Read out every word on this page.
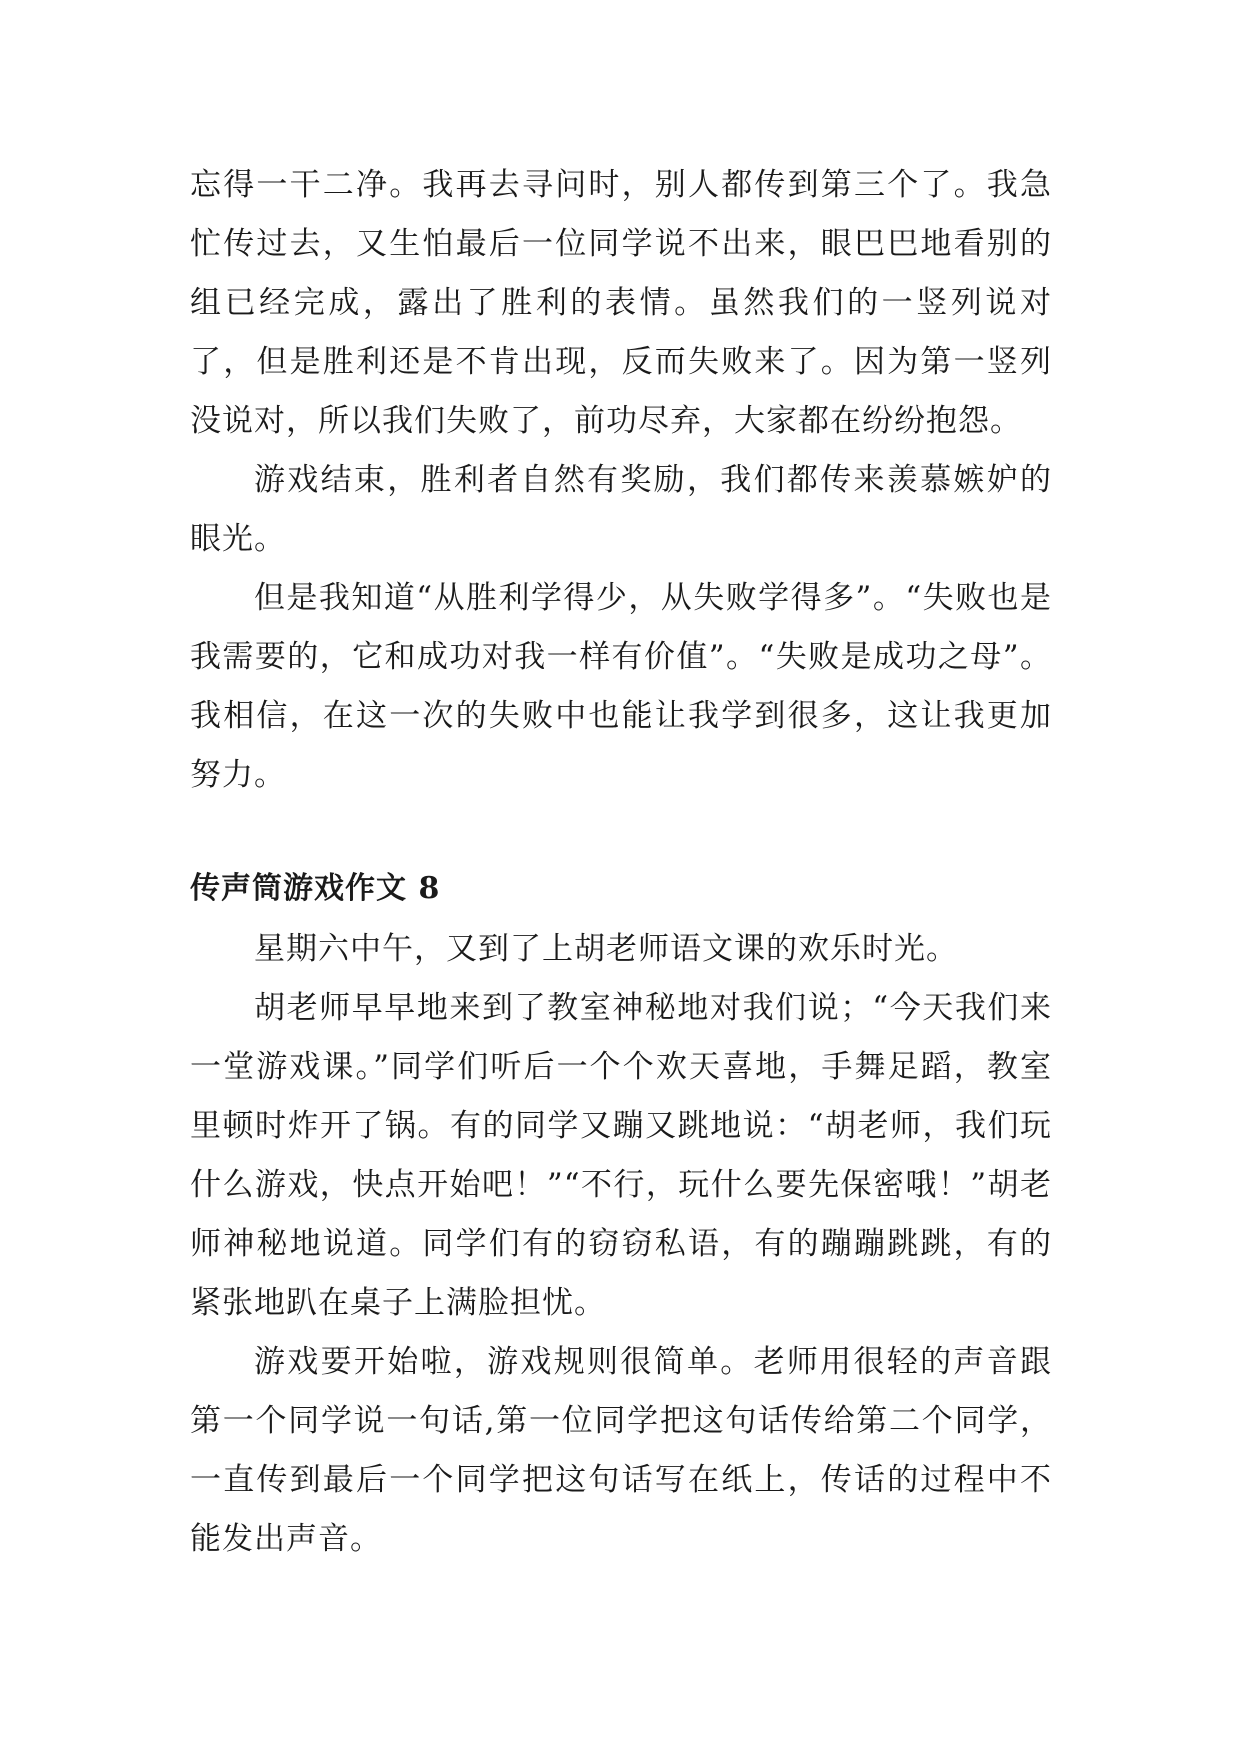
忘得一干二净。我再去寻问时，别人都传到第三个了。我急忙传过去，又生怕最后一位同学说不出来，眼巴巴地看别的组已经完成，露出了胜利的表情。虽然我们的一竖列说对了，但是胜利还是不肯出现，反而失败来了。因为第一竖列没说对，所以我们失败了，前功尽弃，大家都在纷纷抱怨。

游戏结束，胜利者自然有奖励，我们都传来羡慕嫉妒的眼光。

但是我知道“从胜利学得少，从失败学得多”。“失败也是我需要的，它和成功对我一样有价值”。“失败是成功之母”。我相信，在这一次的失败中也能让我学到很多，这让我更加努力。

传声筒游戏作文 8

星期六中午，又到了上胡老师语文课的欢乐时光。

胡老师早早地来到了教室神秘地对我们说；“今天我们来一堂游戏课。”同学们听后一个个欢天喜地，手舞足蹈，教室里顿时炸开了锅。有的同学又蹦又跳地说：“胡老师，我们玩什么游戏，快点开始吧！”“不行，玩什么要先保密哦！”胡老师神秘地说道。同学们有的窃窃私语，有的蹦蹦跳跳，有的紧张地趴在桌子上满脸担忧。

游戏要开始啦，游戏规则很简单。老师用很轻的声音跟第一个同学说一句话,第一位同学把这句话传给第二个同学，一直传到最后一个同学把这句话写在纸上，传话的过程中不能发出声音。
